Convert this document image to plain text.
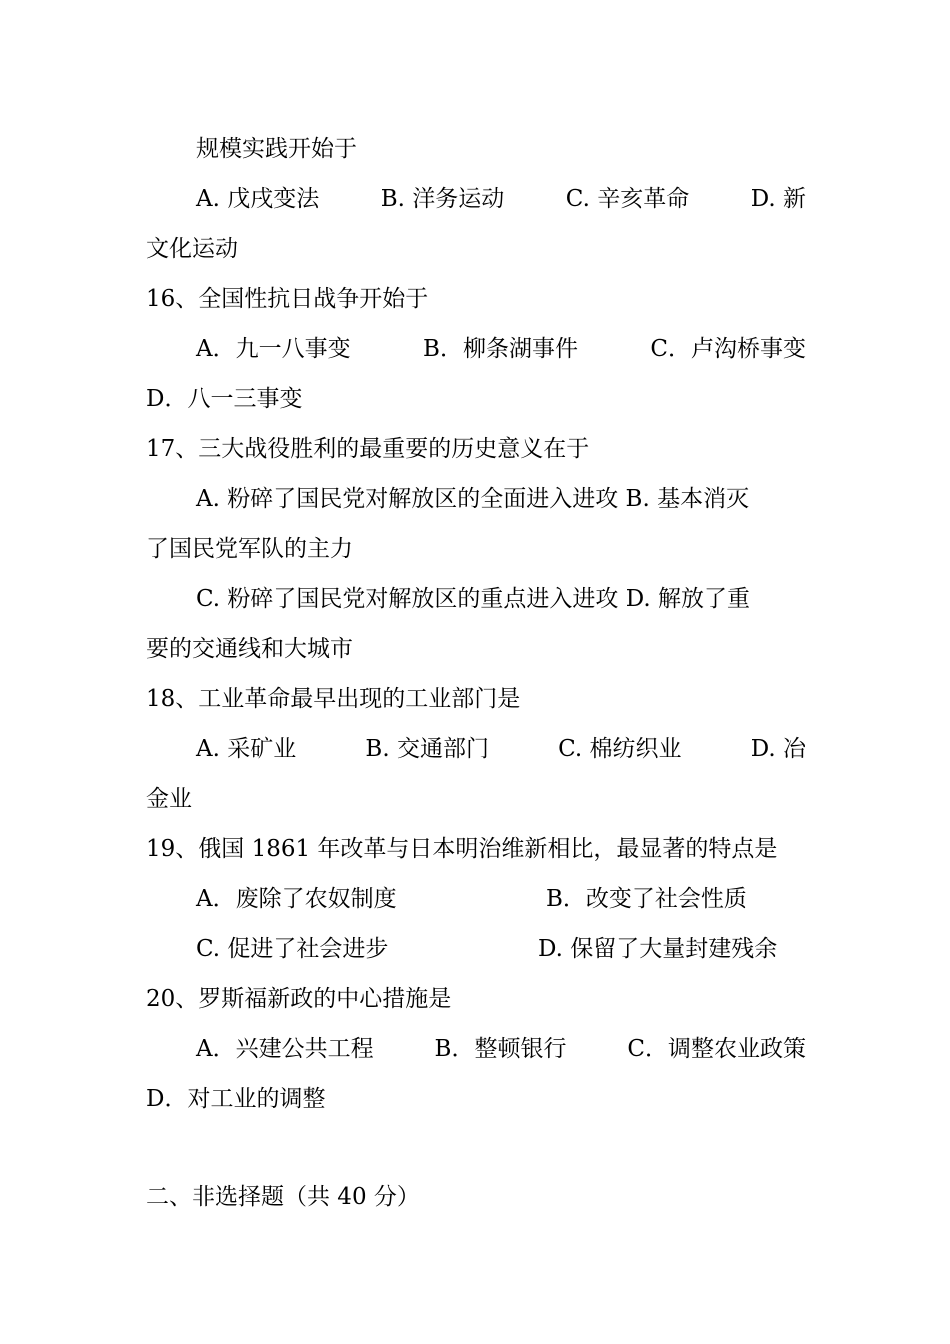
规模实践开始于
A. 戊戌变法	B. 洋务运动	C. 辛亥革命	D. 新
文化运动
16、全国性抗日战争开始于
A．九一八事变	B．柳条湖事件	C．卢沟桥事变
D．八一三事变
17、三大战役胜利的最重要的历史意义在于
A. 粉碎了国民党对解放区的全面进入进攻 B. 基本消灭
了国民党军队的主力
C. 粉碎了国民党对解放区的重点进入进攻 D. 解放了重
要的交通线和大城市
18、工业革命最早出现的工业部门是
A. 采矿业	B. 交通部门	C. 棉纺织业	D. 冶
金业
19、俄国 1861 年改革与日本明治维新相比，最显著的特点是
A．废除了农奴制度	B．改变了社会性质
C. 促进了社会进步	D. 保留了大量封建残余
20、罗斯福新政的中心措施是
A．兴建公共工程	B．整顿银行	C．调整农业政策
D．对工业的调整
二、非选择题（共 40 分）
